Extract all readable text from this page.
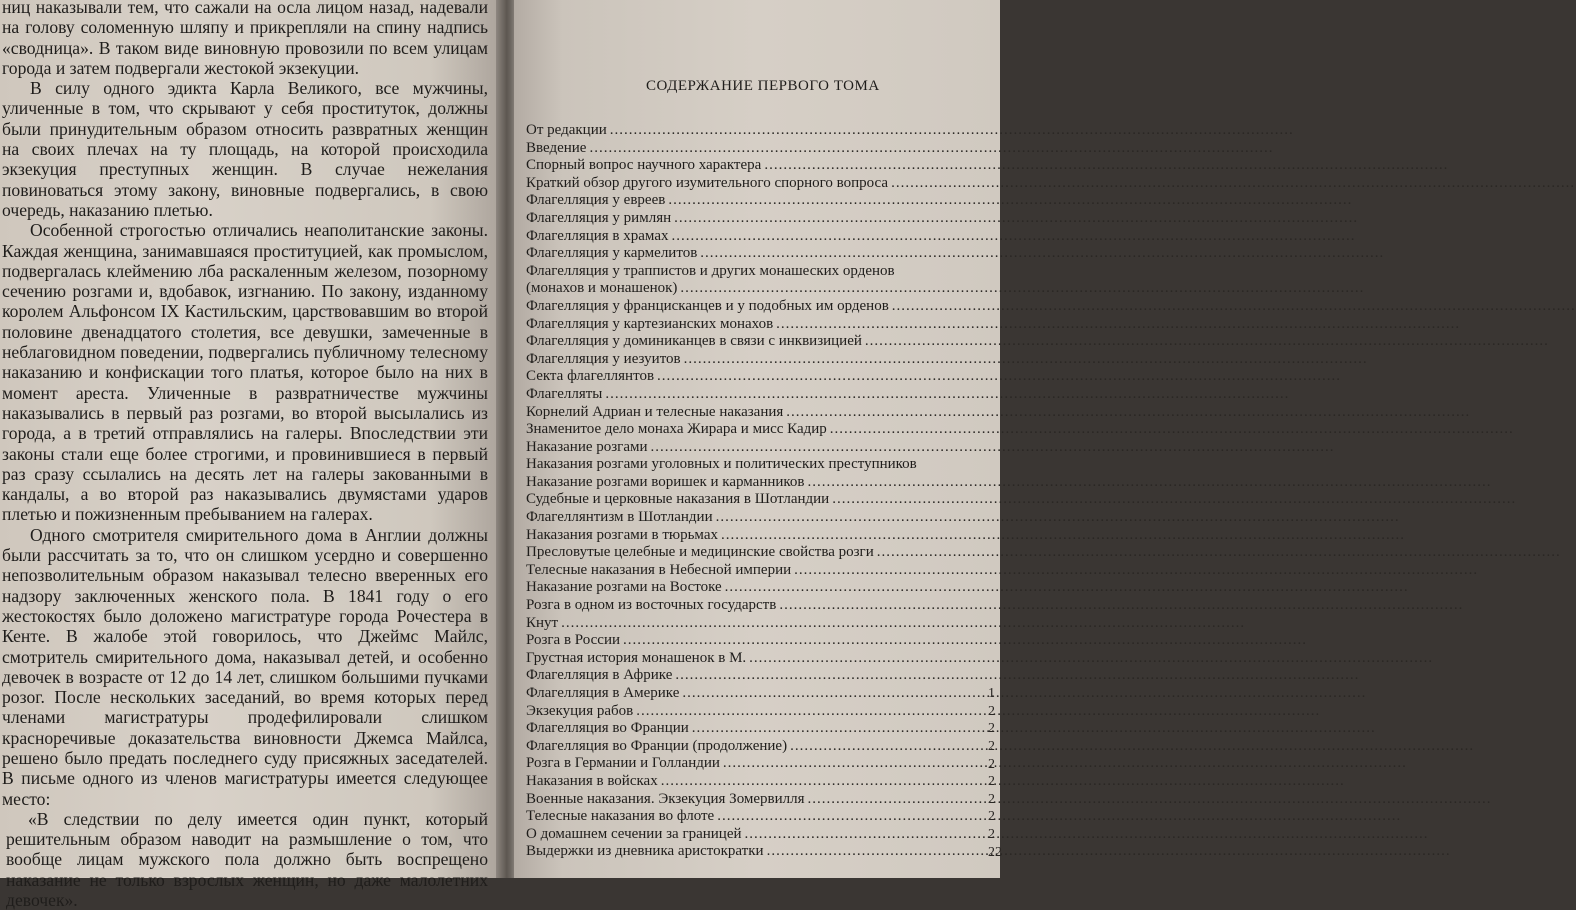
ниц наказывали тем, что сажали на осла лицом назад, надевали на голову соломенную шляпу и прикрепляли на спину надпись «сводница». В таком виде виновную провозили по всем улицам города и затем подвергали жестокой экзекуции.

В силу одного эдикта Карла Великого, все мужчины, уличенные в том, что скрывают у себя проституток, должны были принудительным образом относить развратных женщин на своих плечах на ту площадь, на которой происходила экзекуция преступных женщин. В случае нежелания повиноваться этому закону, виновные подвергались, в свою очередь, наказанию плетью.

Особенной строгостью отличались неаполитанские законы. Каждая женщина, занимавшаяся проституцией, как промыслом, подвергалась клеймению лба раскаленным железом, позорному сечению розгами и, вдобавок, изгнанию. По закону, изданному королем Альфонсом IX Кастильским, царствовавшим во второй половине двенадцатого столетия, все девушки, замеченные в неблаговидном поведении, подвергались публичному телесному наказанию и конфискации того платья, которое было на них в момент ареста. Уличенные в развратничестве мужчины наказывались в первый раз розгами, во второй высылались из города, а в третий отправлялись на галеры. Впоследствии эти законы стали еще более строгими, и провинившиеся в первый раз сразу ссылались на десять лет на галеры закованными в кандалы, а во второй раз наказывались двумястами ударов плетью и пожизненным пребыванием на галерах.

Одного смотрителя смирительного дома в Англии должны были рассчитать за то, что он слишком усердно и совершенно непозволительным образом наказывал телесно вверенных его надзору заключенных женского пола. В 1841 году о его жестокостях было доложено магистратуре города Рочестера в Кенте. В жалобе этой говорилось, что Джеймс Майлс, смотритель смирительного дома, наказывал детей, и особенно девочек в возрасте от 12 до 14 лет, слишком большими пучками розог. После нескольких заседаний, во время которых перед членами магистратуры продефилировали слишком красноречивые доказательства виновности Джемса Майлса, решено было предать последнего суду присяжных заседателей. В письме одного из членов магистратуры имеется следующее место:

«В следствии по делу имеется один пункт, который решительным образом наводит на размышление о том, что вообще лицам мужского пола должно быть воспрещено наказание не только взрослых женщин, но даже малолетних девочек».

СОДЕРЖАНИЕ ПЕРВОГО ТОМА
От редакции
.....
Введение
.....
Спорный вопрос научного характера
.....
Краткий обзор другого изумительного спорного вопроса
.....
Флагелляция у евреев
.....
Флагелляция у римлян
.....
Флагелляция в храмах
.....
Флагелляция у кармелитов
.....
Флагелляция у траппистов и других монашеских орденов
(монахов и монашенок)
.....
Флагелляция у францисканцев и у подобных им орденов
.....
Флагелляция у картезианских монахов
.....
Флагелляция у доминиканцев в связи с инквизицией
.....
Флагелляция у иезуитов
.....
Секта флагеллянтов
.....
Флагелляты
.....
Корнелий Адриан и телесные наказания
.....
Знаменитое дело монаха Жирара и мисс Кадир
.....
Наказание розгами
.....
Наказания розгами уголовных и политических преступников
Наказание розгами воришек и карманников
.....
Судебные и церковные наказания в Шотландии
.....
Флагеллянтизм в Шотландии
.....
Наказания розгами в тюрьмах
.....
Пресловутые целебные и медицинские свойства розги
.....
Телесные наказания в Небесной империи
.....
Наказание розгами на Востоке
.....
Розга в одном из восточных государств
.....
Кнут
.....
Розга в России
.....
Грустная история монашенок в М.
.....
Флагелляция в Африке
.....
Флагелляция в Америке
.....
Экзекуция рабов
.....
Флагелляция во Франции
.....
Флагелляция во Франции (продолжение)
.....
Розга в Германии и Голландии
.....
Наказания в войсках
.....
Военные наказания. Экзекуция Зомервилля
.....
Телесные наказания во флоте
.....
О домашнем сечении за границей
.....
Выдержки из дневника аристократки
.....
1
2
2
2
2
2
2
2
2
22
